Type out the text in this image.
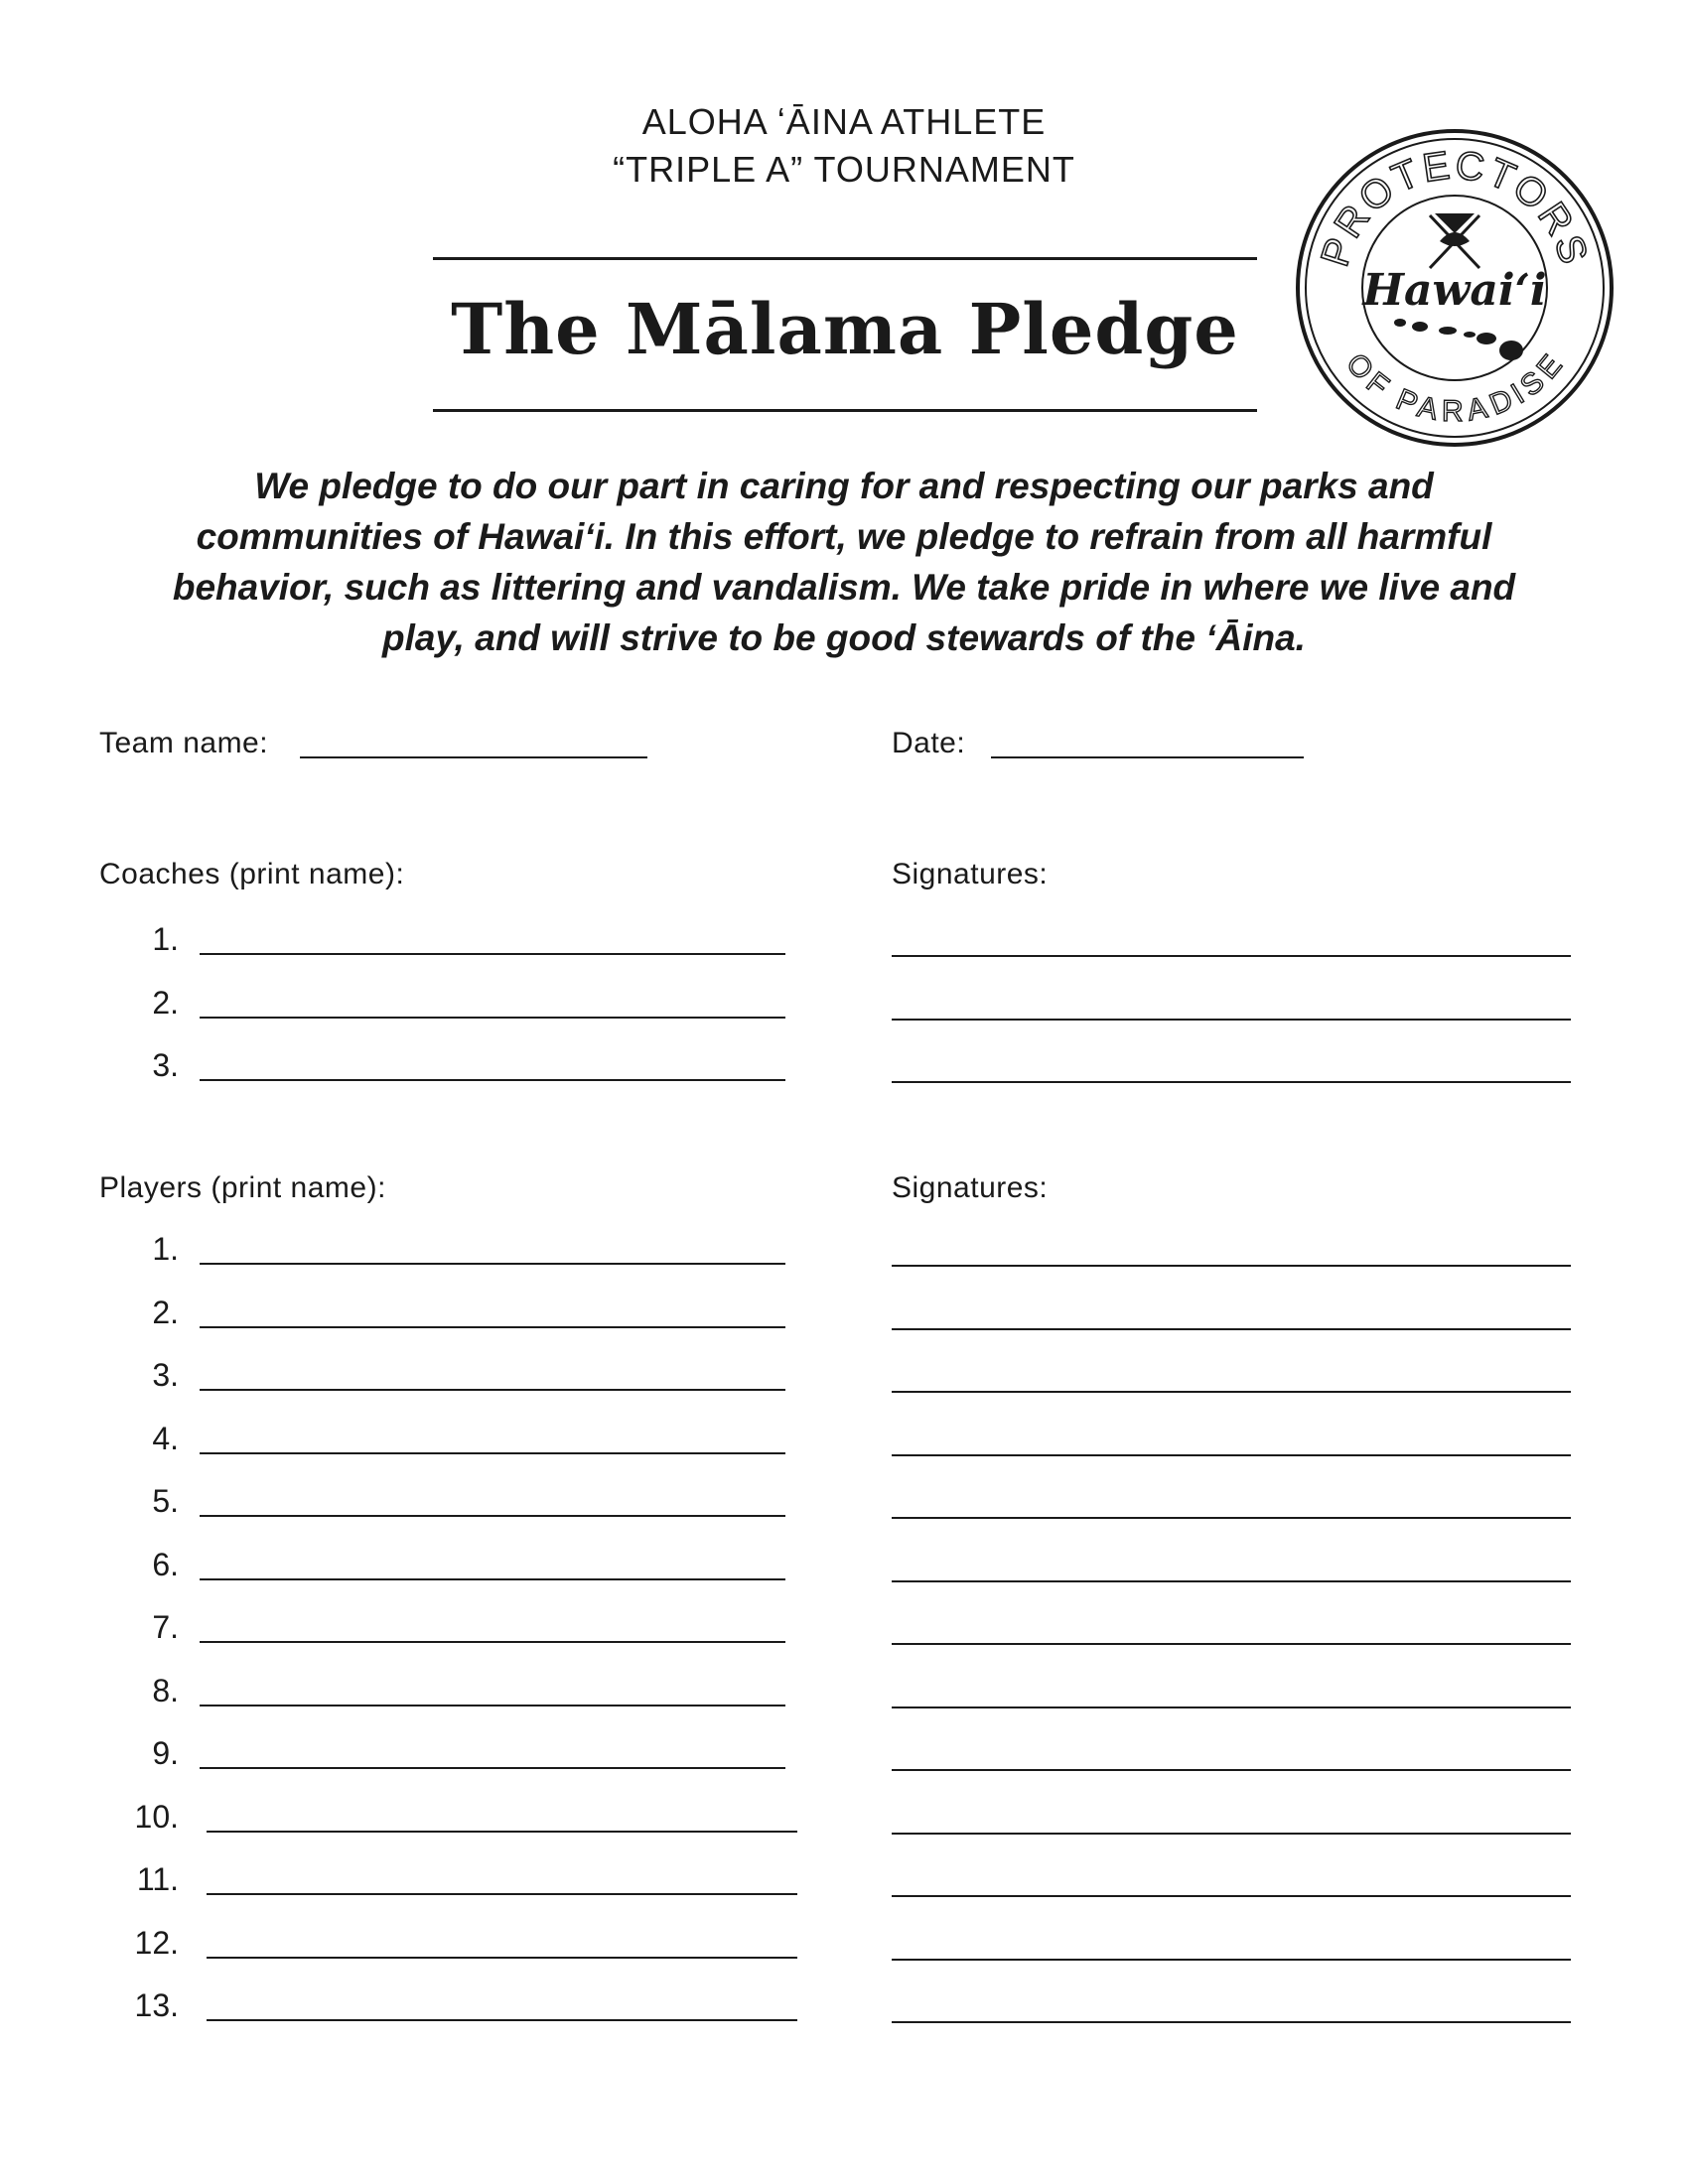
ALOHA ʻĀINA ATHLETE
“TRIPLE A” TOURNAMENT
The Mālama Pledge
PROTECTORS
OF PARADISE
Hawaiʻi
We pledge to do our part in caring for and respecting our parks and
communities of Hawaiʻi. In this effort, we pledge to refrain from all harmful
behavior, such as littering and vandalism. We take pride in where we live and
play, and will strive to be good stewards of the ʻĀina.
Team name:	Date:
Coaches (print name):	Signatures:
1.
2.
3.
Players (print name):	Signatures:
1.
2.
3.
4.
5.
6.
7.
8.
9.
10.
11.
12.
13.
